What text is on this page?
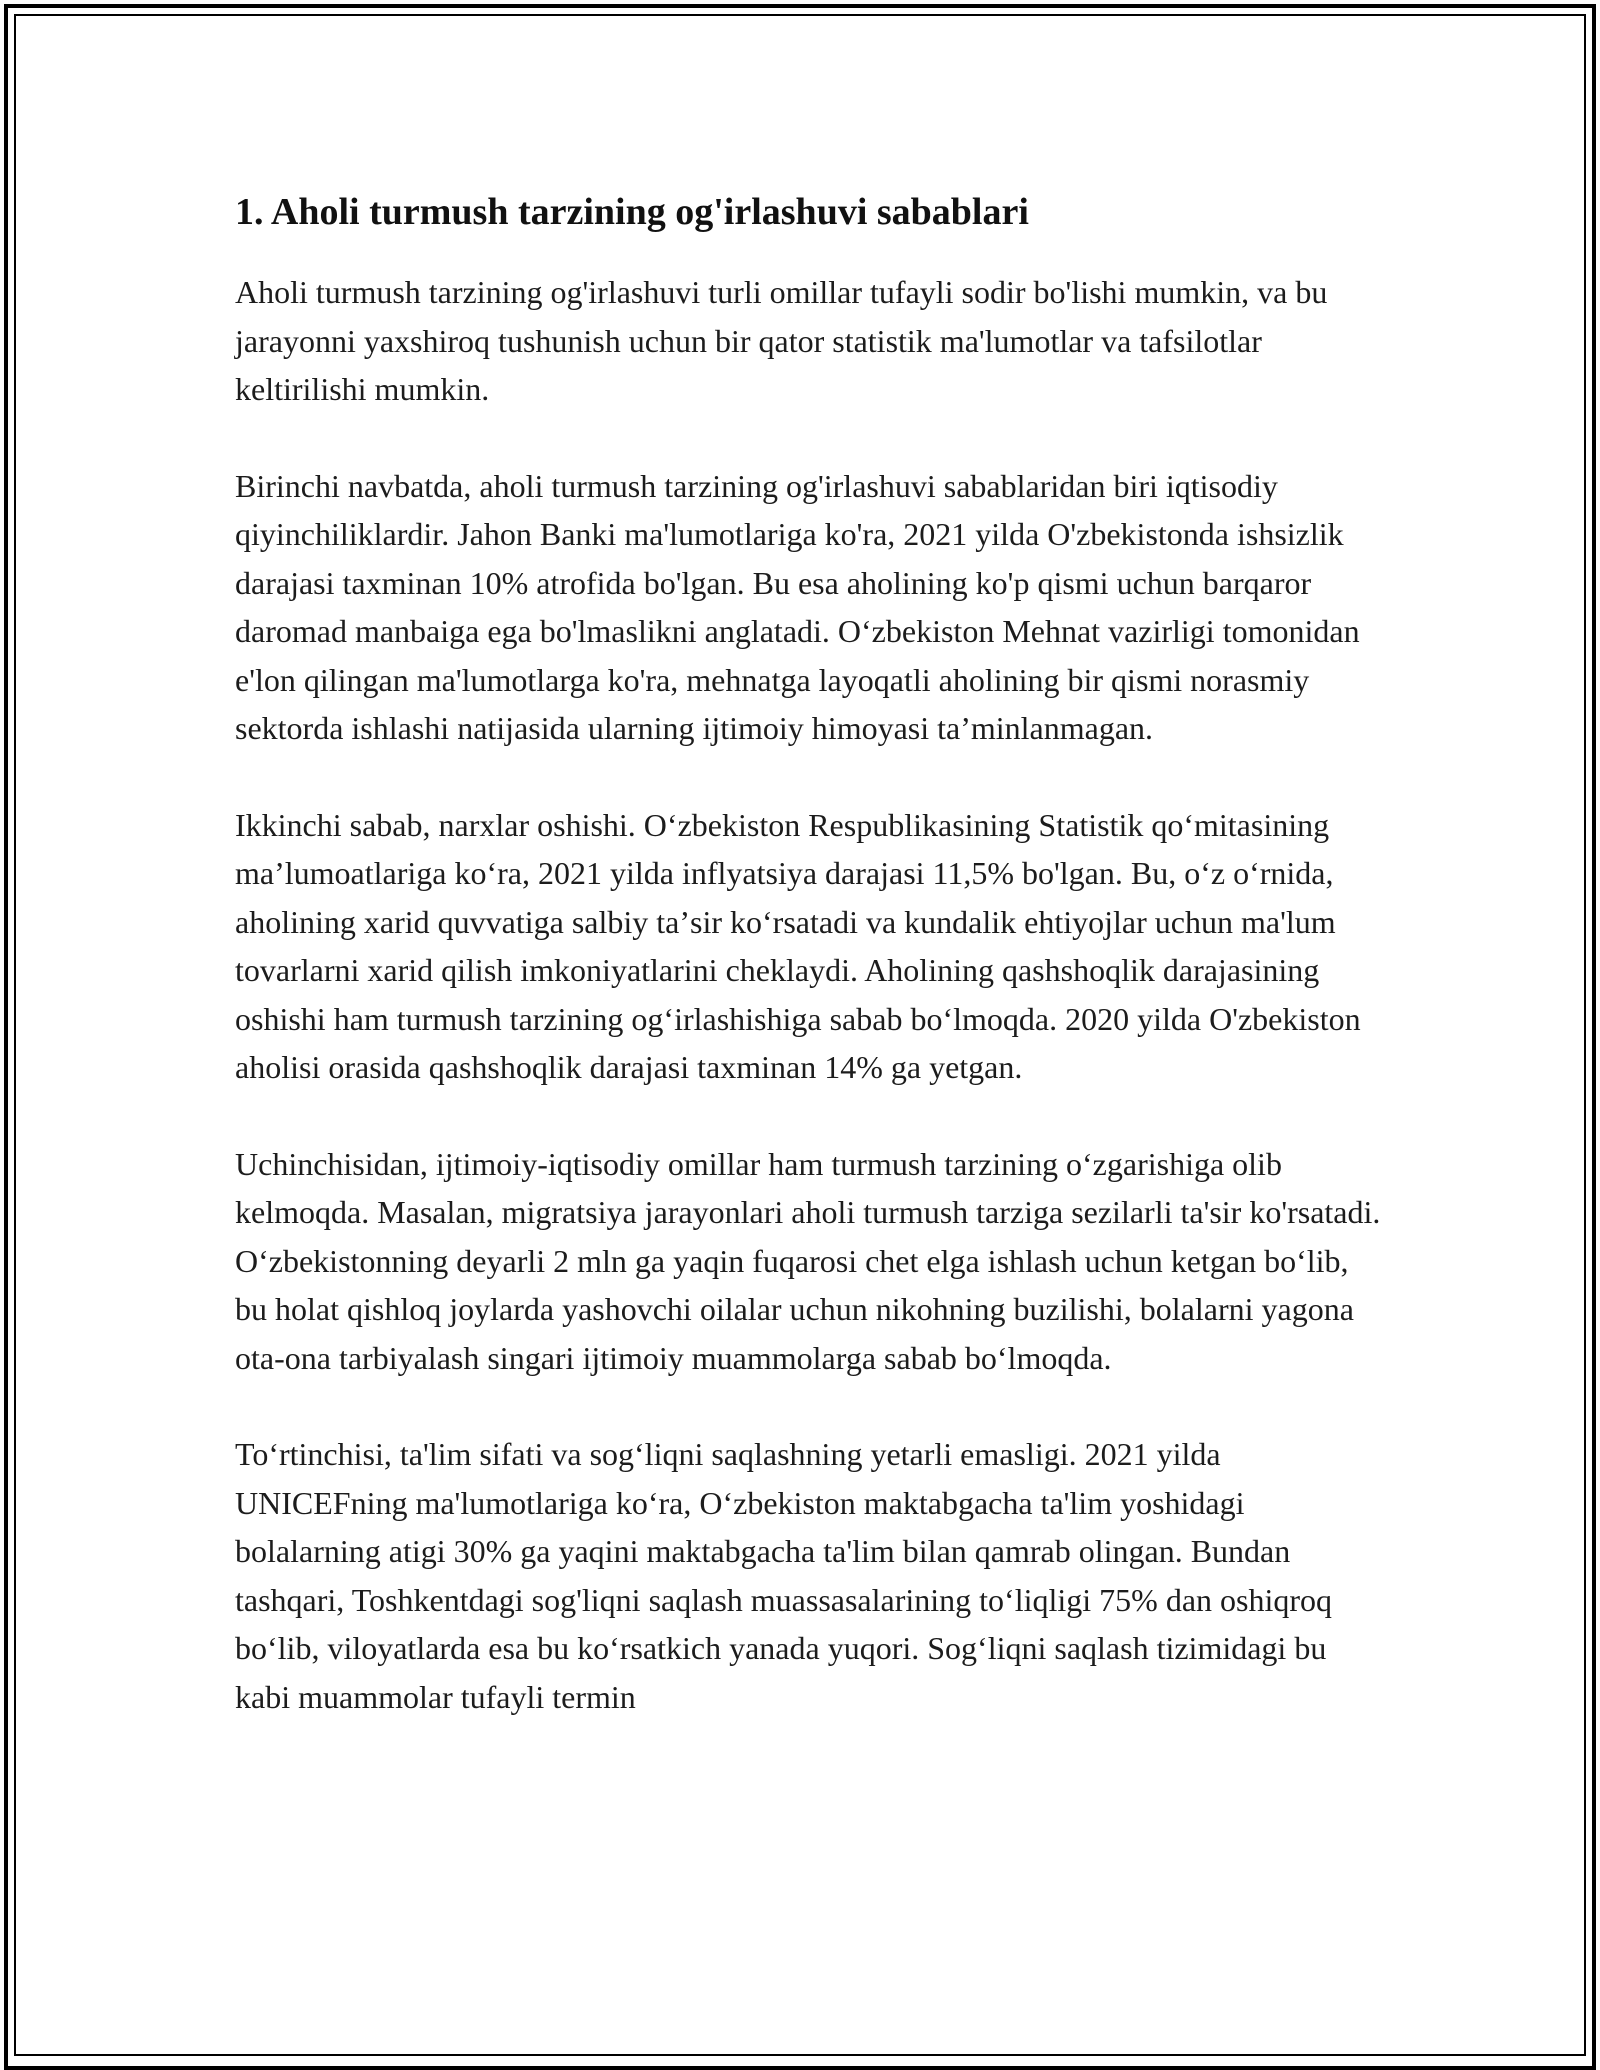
1. Aholi turmush tarzining og'irlashuvi sabablari

Aholi turmush tarzining og'irlashuvi turli omillar tufayli sodir bo'lishi mumkin, va bu jarayonni yaxshiroq tushunish uchun bir qator statistik ma'lumotlar va tafsilotlar keltirilishi mumkin.

Birinchi navbatda, aholi turmush tarzining og'irlashuvi sabablaridan biri iqtisodiy qiyinchiliklardir. Jahon Banki ma'lumotlariga ko'ra, 2021 yilda O'zbekistonda ishsizlik darajasi taxminan 10% atrofida bo'lgan. Bu esa aholining ko'p qismi uchun barqaror daromad manbaiga ega bo'lmaslikni anglatadi. Oʻzbekiston Mehnat vazirligi tomonidan e'lon qilingan ma'lumotlarga ko'ra, mehnatga layoqatli aholining bir qismi norasmiy sektorda ishlashi natijasida ularning ijtimoiy himoyasi taʼminlanmagan.

Ikkinchi sabab, narxlar oshishi. Oʻzbekiston Respublikasining Statistik qoʻmitasining maʼlumoatlariga koʻra, 2021 yilda inflyatsiya darajasi 11,5% bo'lgan. Bu, oʻz oʻrnida, aholining xarid quvvatiga salbiy taʼsir koʻrsatadi va kundalik ehtiyojlar uchun ma'lum tovarlarni xarid qilish imkoniyatlarini cheklaydi. Aholining qashshoqlik darajasining oshishi ham turmush tarzining ogʻirlashishiga sabab boʻlmoqda. 2020 yilda O'zbekiston aholisi orasida qashshoqlik darajasi taxminan 14% ga yetgan.

Uchinchisidan, ijtimoiy-iqtisodiy omillar ham turmush tarzining oʻzgarishiga olib kelmoqda. Masalan, migratsiya jarayonlari aholi turmush tarziga sezilarli ta'sir ko'rsatadi. Oʻzbekistonning deyarli 2 mln ga yaqin fuqarosi chet elga ishlash uchun ketgan boʻlib, bu holat qishloq joylarda yashovchi oilalar uchun nikohning buzilishi, bolalarni yagona ota-ona tarbiyalash singari ijtimoiy muammolarga sabab boʻlmoqda.

Toʻrtinchisi, ta'lim sifati va sogʻliqni saqlashning yetarli emasligi. 2021 yilda UNICEFning ma'lumotlariga koʻra, Oʻzbekiston maktabgacha ta'lim yoshidagi bolalarning atigi 30% ga yaqini maktabgacha ta'lim bilan qamrab olingan. Bundan tashqari, Toshkentdagi sog'liqni saqlash muassasalarining toʻliqligi 75% dan oshiqroq boʻlib, viloyatlarda esa bu koʻrsatkich yanada yuqori. Sogʻliqni saqlash tizimidagi bu kabi muammolar tufayli termin
